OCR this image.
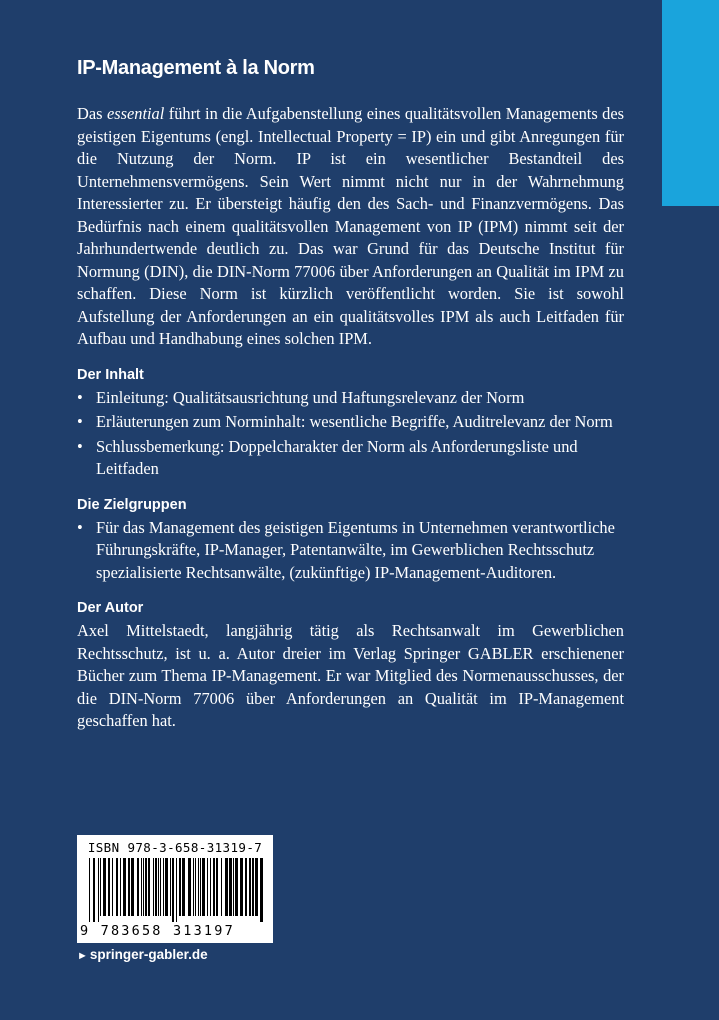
IP-Management à la Norm

Das essential führt in die Aufgabenstellung eines qualitätsvollen Managements des geistigen Eigentums (engl. Intellectual Property = IP) ein und gibt Anregungen für die Nutzung der Norm. IP ist ein wesentlicher Bestandteil des Unternehmensvermögens. Sein Wert nimmt nicht nur in der Wahrnehmung Interessierter zu. Er übersteigt häufig den des Sach- und Finanzvermögens. Das Bedürfnis nach einem qualitätsvollen Management von IP (IPM) nimmt seit der Jahrhundertwende deutlich zu. Das war Grund für das Deutsche Institut für Normung (DIN), die DIN-Norm 77006 über Anforderungen an Qualität im IPM zu schaffen. Diese Norm ist kürzlich veröffentlicht worden. Sie ist sowohl Aufstellung der Anforderungen an ein qualitätsvolles IPM als auch Leitfaden für Aufbau und Handhabung eines solchen IPM.

Der Inhalt
• Einleitung: Qualitätsausrichtung und Haftungsrelevanz der Norm
• Erläuterungen zum Norminhalt: wesentliche Begriffe, Auditrelevanz der Norm
• Schlussbemerkung: Doppelcharakter der Norm als Anforderungsliste und Leitfaden
Die Zielgruppen
• Für das Management des geistigen Eigentums in Unternehmen verantwortliche Führungskräfte, IP-Manager, Patentanwälte, im Gewerblichen Rechtsschutz spezialisierte Rechtsanwälte, (zukünftige) IP-Management-Auditoren.
Der Autor

Axel Mittelstaedt, langjährig tätig als Rechtsanwalt im Gewerblichen Rechtsschutz, ist u. a. Autor dreier im Verlag Springer GABLER erschienener Bücher zum Thema IP-Management. Er war Mitglied des Normenausschusses, der die DIN-Norm 77006 über Anforderungen an Qualität im IP-Management geschaffen hat.

ISBN 978-3-658-31319-7
9 783658 313197
► springer-gabler.de
